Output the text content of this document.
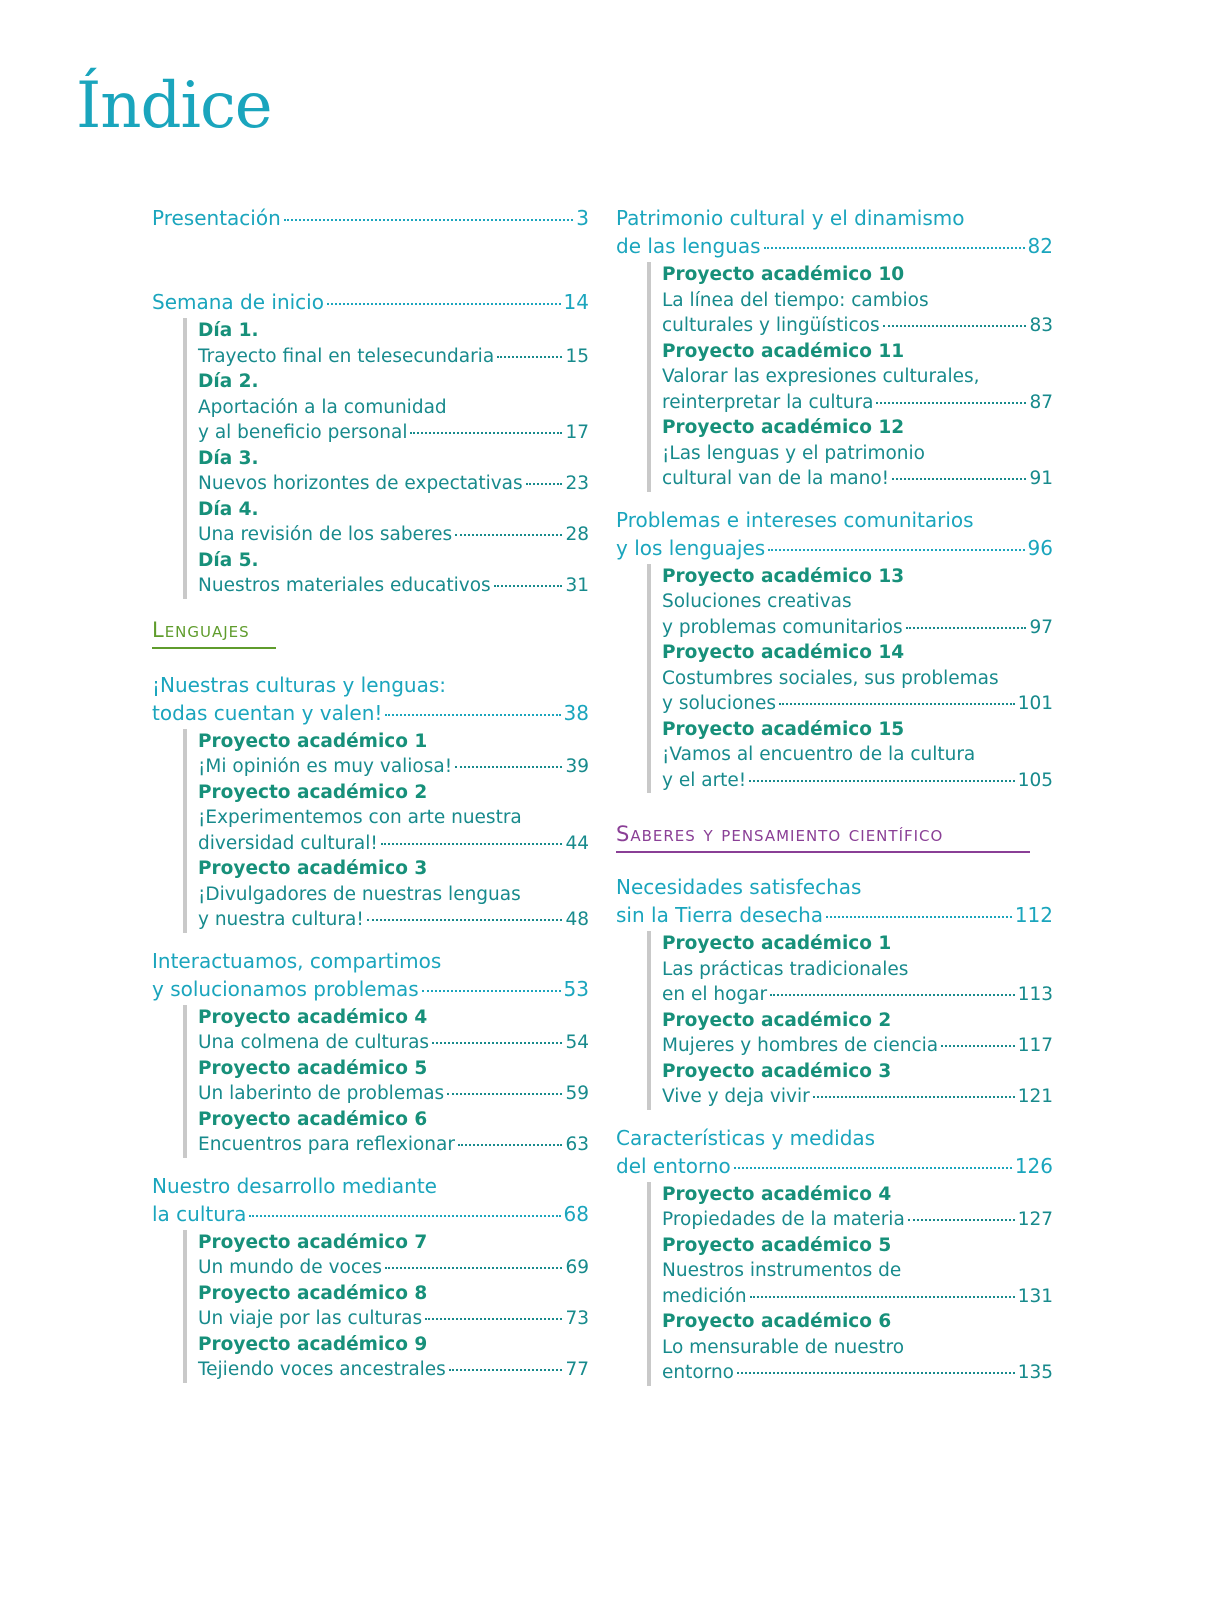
Índice
Presentación	3
Semana de inicio	14
Día 1.
Trayecto final en telesecundaria	15
Día 2.
Aportación a la comunidad
y al beneficio personal	17
Día 3.
Nuevos horizontes de expectativas 23
Día 4.
Una revisión de los saberes	28
Día 5.
Nuestros materiales educativos	31
Lenguajes
¡Nuestras culturas y lenguas:
todas cuentan y valen!	38
Proyecto académico 1
¡Mi opinión es muy valiosa!	39
Proyecto académico 2
¡Experimentemos con arte nuestra
diversidad cultural!	44
Proyecto académico 3
¡Divulgadores de nuestras lenguas
y nuestra cultura!	48
Interactuamos, compartimos
y solucionamos problemas	53
Proyecto académico 4
Una colmena de culturas	54
Proyecto académico 5
Un laberinto de problemas	59
Proyecto académico 6
Encuentros para reflexionar	63
Nuestro desarrollo mediante
la cultura	68
Proyecto académico 7
Un mundo de voces	69
Proyecto académico 8
Un viaje por las culturas	73
Proyecto académico 9
Tejiendo voces ancestrales	77
Patrimonio cultural y el dinamismo
de las lenguas	82
Proyecto académico 10
La línea del tiempo: cambios
culturales y lingüísticos	83
Proyecto académico 11
Valorar las expresiones culturales,
reinterpretar la cultura	87
Proyecto académico 12
¡Las lenguas y el patrimonio
cultural van de la mano!	91
Problemas e intereses comunitarios
y los lenguajes	96
Proyecto académico 13
Soluciones creativas
y problemas comunitarios	97
Proyecto académico 14
Costumbres sociales, sus problemas
y soluciones	101
Proyecto académico 15
¡Vamos al encuentro de la cultura
y el arte!	105
Saberes y pensamiento científico
Necesidades satisfechas
sin la Tierra desecha	112
Proyecto académico 1
Las prácticas tradicionales
en el hogar	113
Proyecto académico 2
Mujeres y hombres de ciencia	117
Proyecto académico 3
Vive y deja vivir	121
Características y medidas
del entorno	126
Proyecto académico 4
Propiedades de la materia	127
Proyecto académico 5
Nuestros instrumentos de
medición	131
Proyecto académico 6
Lo mensurable de nuestro
entorno	135
